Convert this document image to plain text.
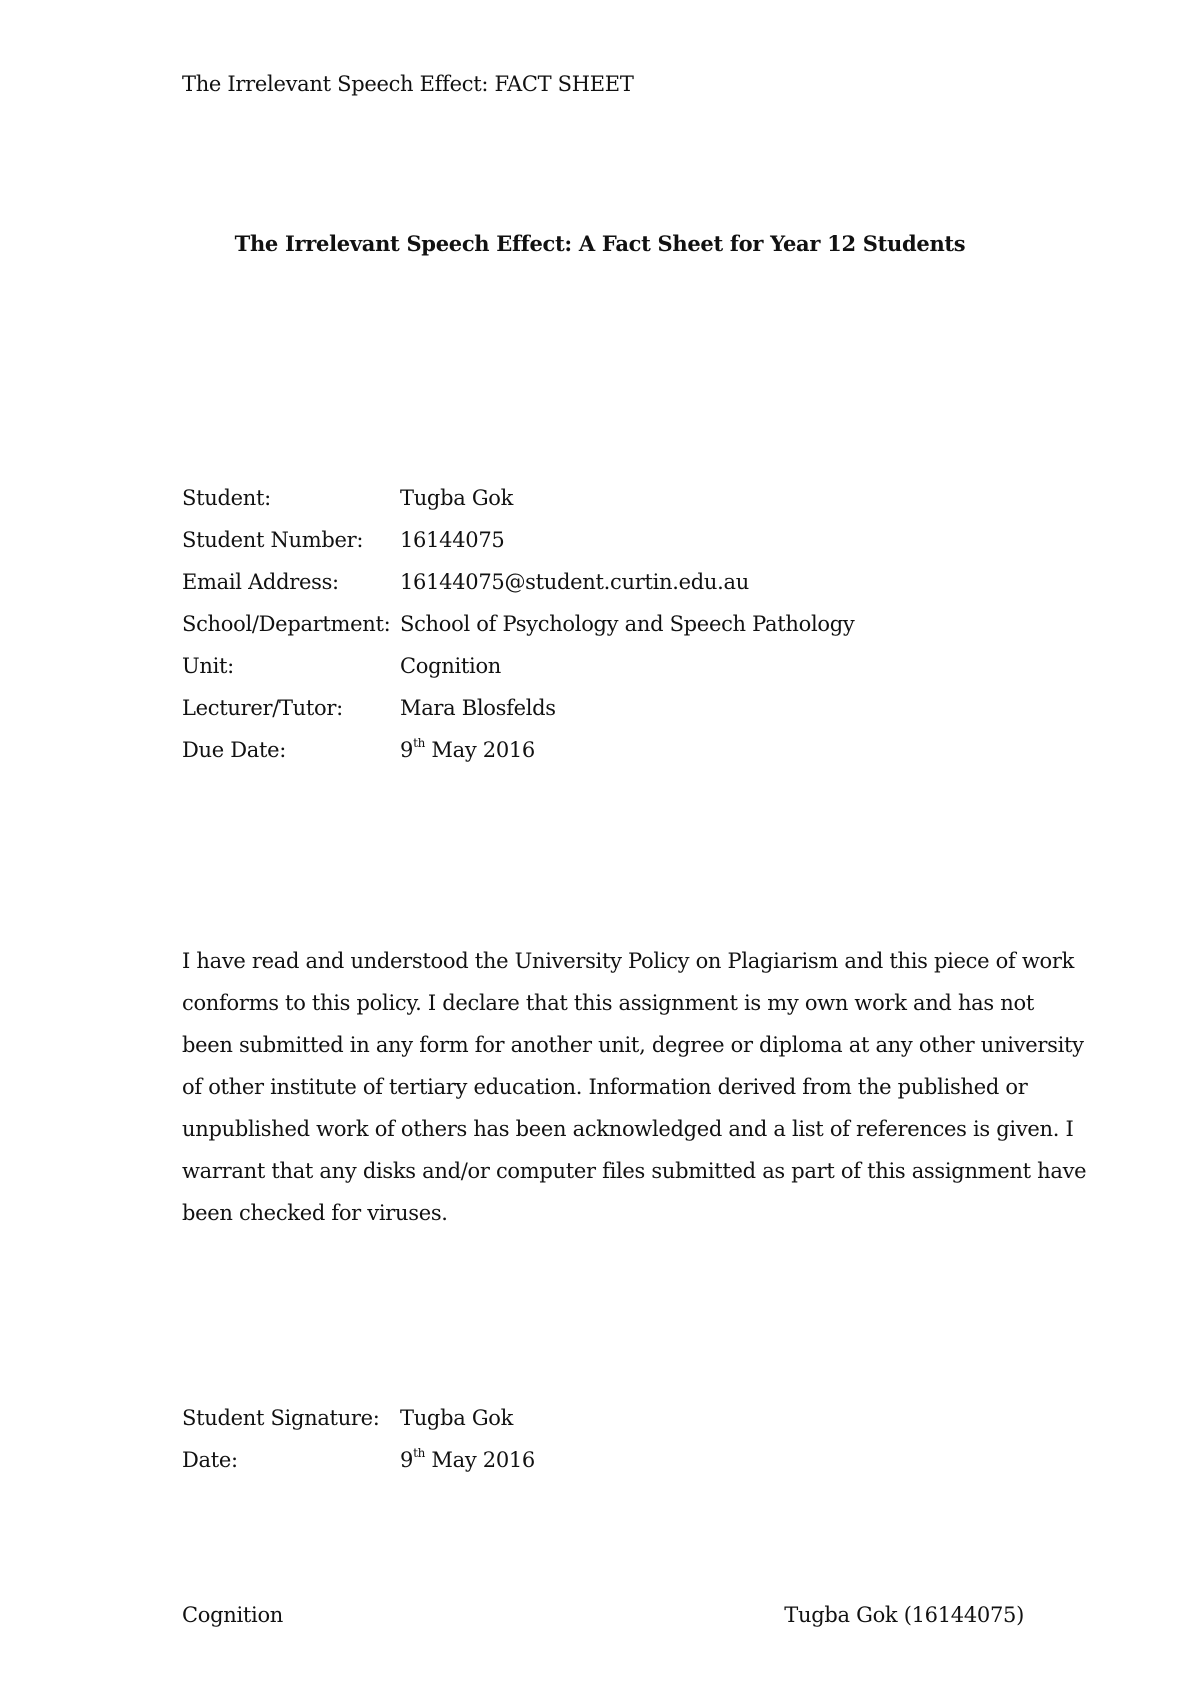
The Irrelevant Speech Effect: FACT SHEET
The Irrelevant Speech Effect: A Fact Sheet for Year 12 Students
Student:	Tugba Gok
Student Number:	16144075
Email Address:	16144075@student.curtin.edu.au
School/Department: School of Psychology and Speech Pathology
Unit:	Cognition
Lecturer/Tutor:	Mara Blosfelds
Due Date:	9th May 2016
I have read and understood the University Policy on Plagiarism and this piece of work
conforms to this policy. I declare that this assignment is my own work and has not
been submitted in any form for another unit, degree or diploma at any other university
of other institute of tertiary education. Information derived from the published or
unpublished work of others has been acknowledged and a list of references is given. I
warrant that any disks and/or computer files submitted as part of this assignment have
been checked for viruses.
Student Signature: Tugba Gok
Date:	9th May 2016
Cognition	Tugba Gok (16144075)
